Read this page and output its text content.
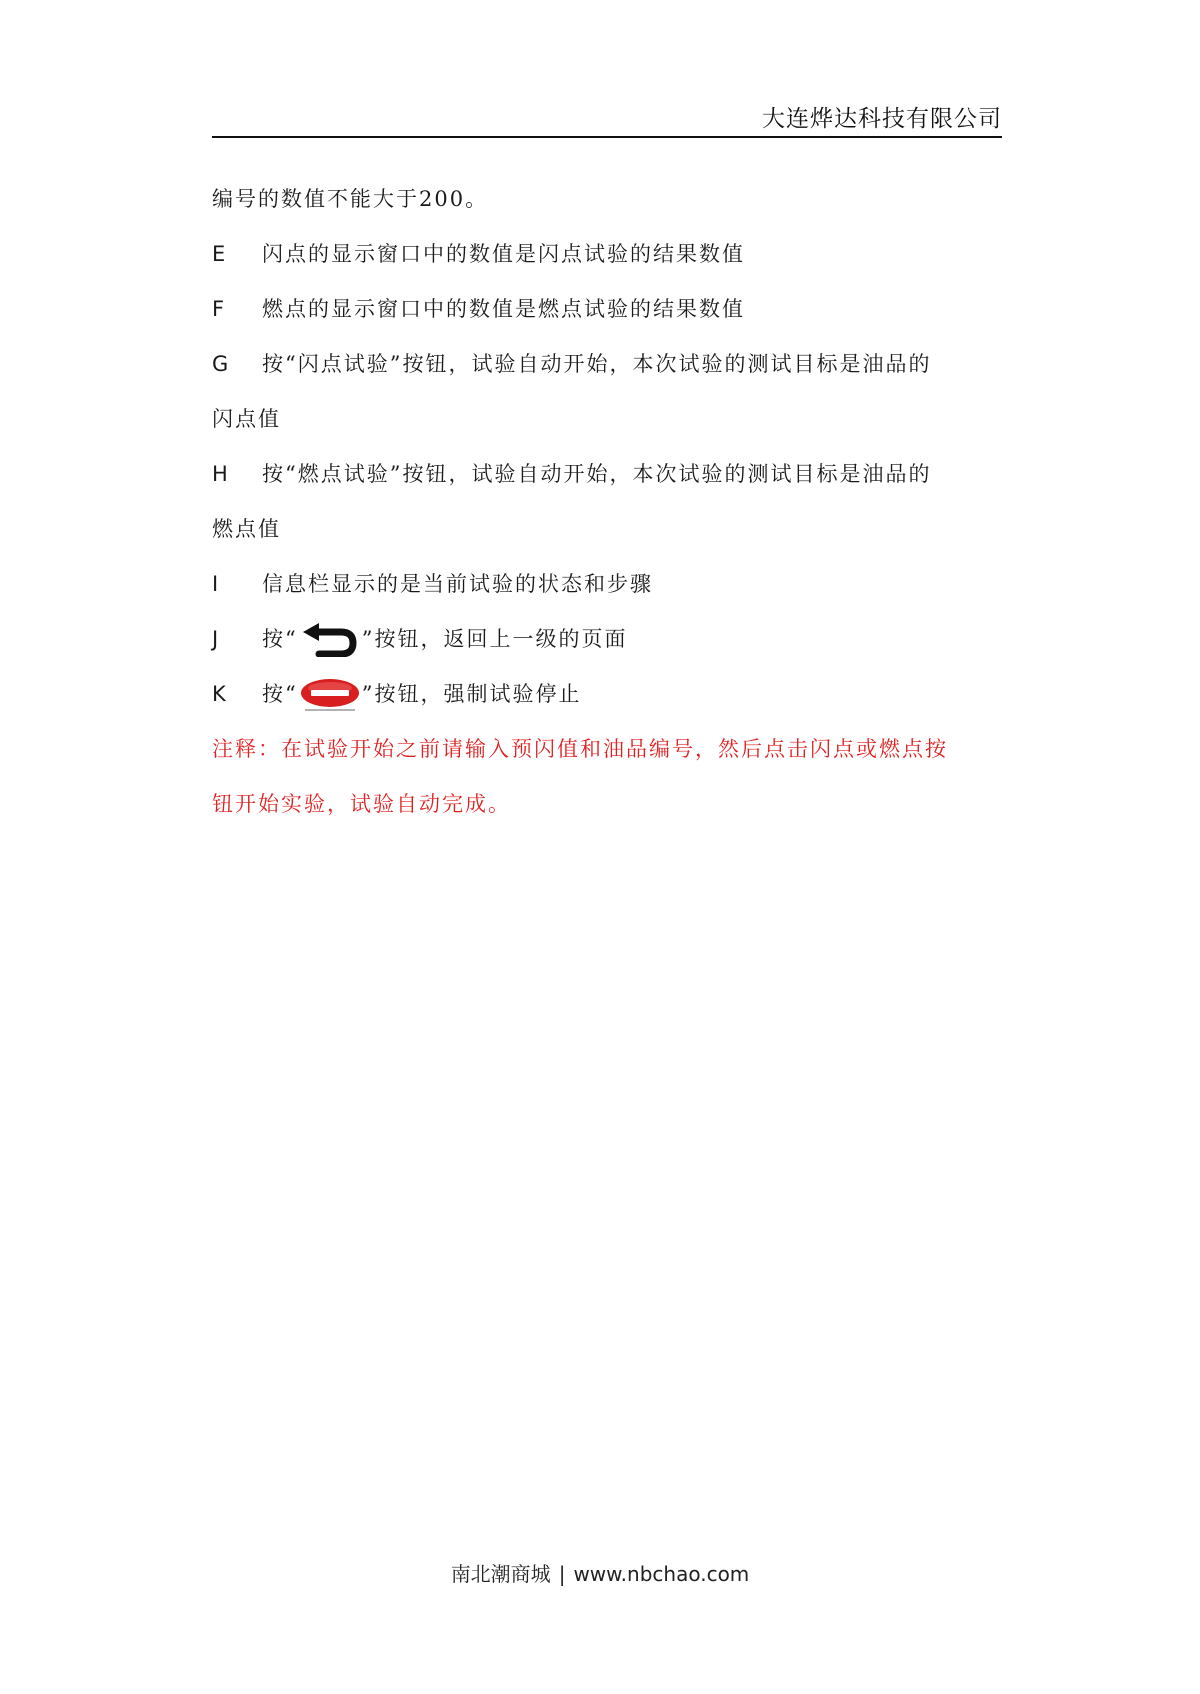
大连烨达科技有限公司
编号的数值不能大于200。
E	闪点的显示窗口中的数值是闪点试验的结果数值
F	燃点的显示窗口中的数值是燃点试验的结果数值
G	按“闪点试验”按钮，试验自动开始，本次试验的测试目标是油品的
闪点值
H	按“燃点试验”按钮，试验自动开始，本次试验的测试目标是油品的
燃点值
I	信息栏显示的是当前试验的状态和步骤
J	按“	”按钮，返回上一级的页面
K	按“	”按钮，强制试验停止
注释：在试验开始之前请输入预闪值和油品编号，然后点击闪点或燃点按
钮开始实验，试验自动完成。
南北潮商城 | www.nbchao.com
